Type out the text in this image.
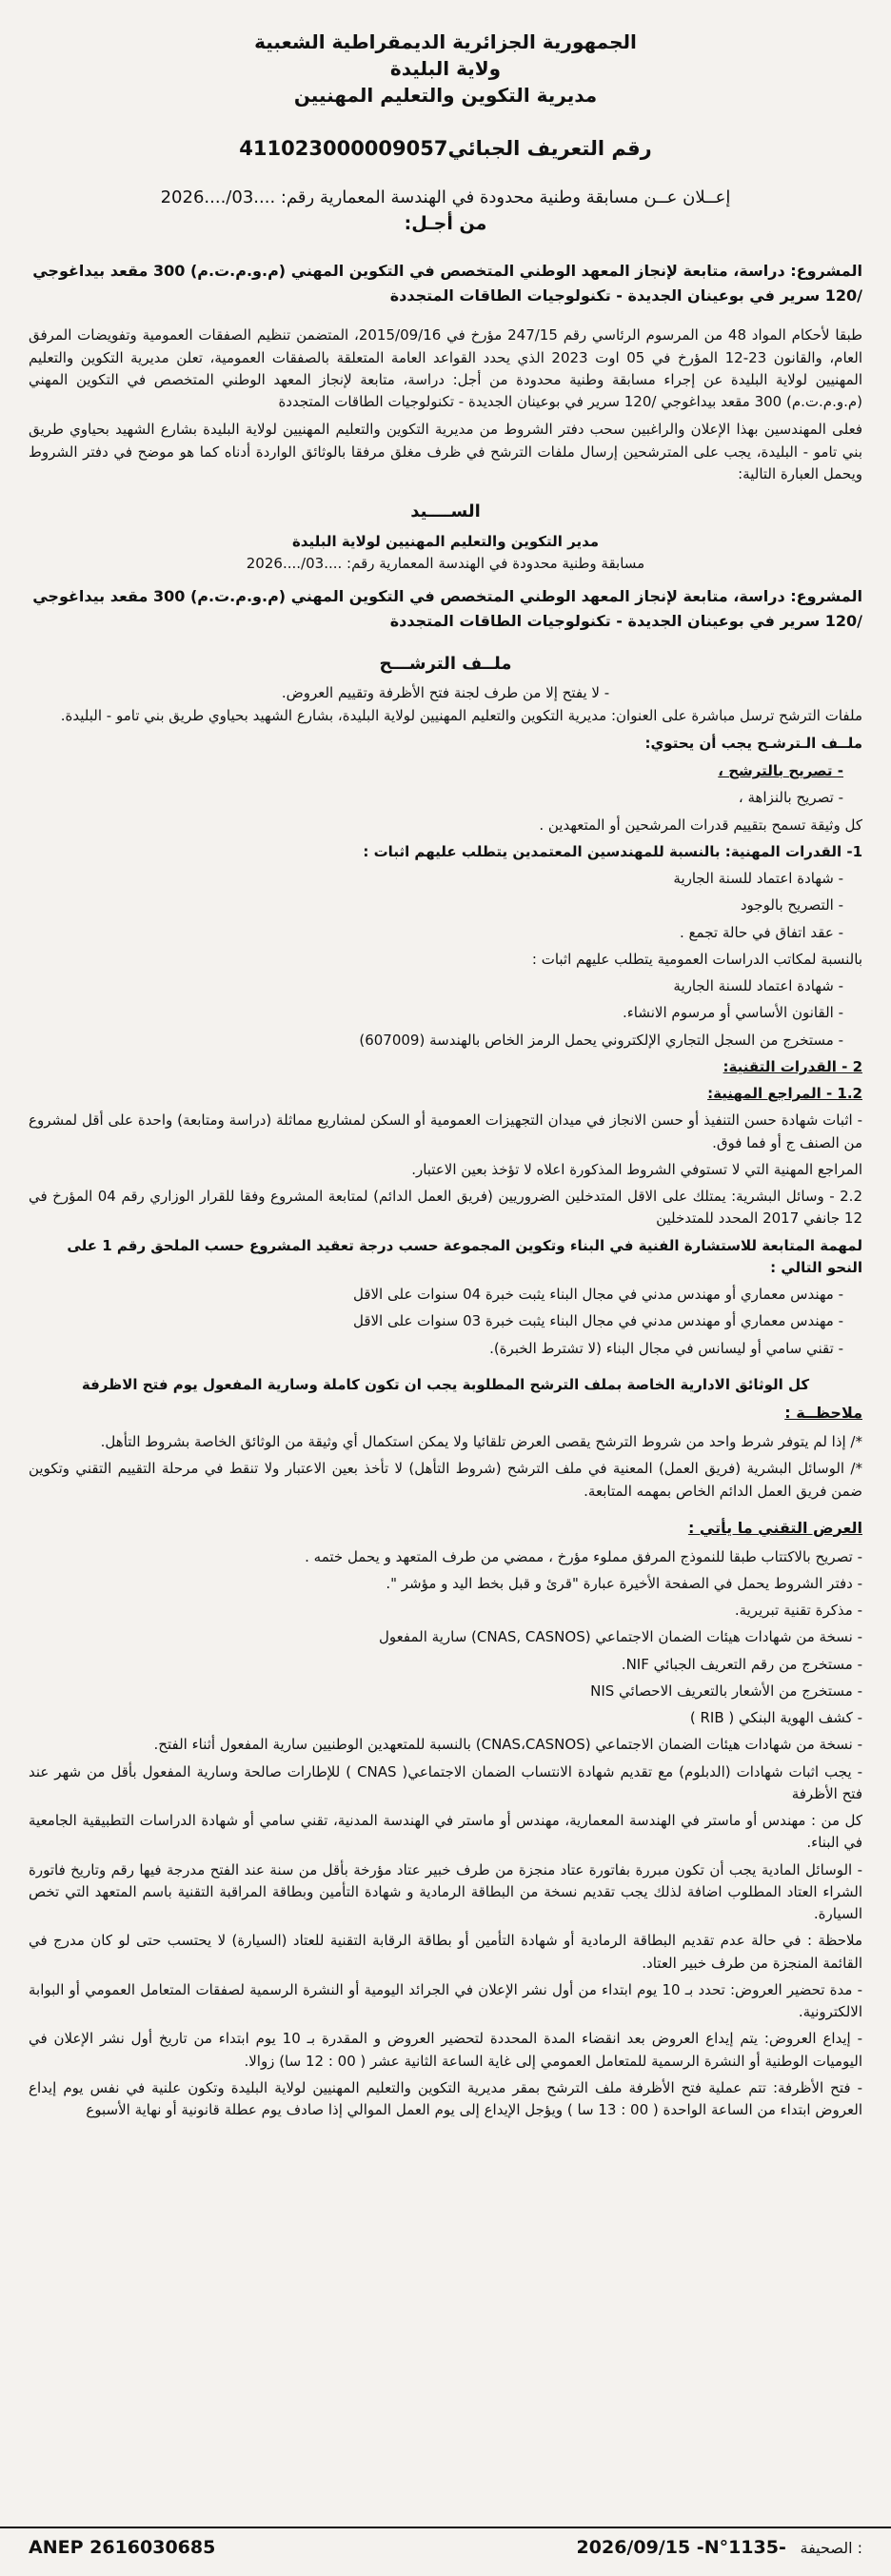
الجمهورية الجزائرية الديمقراطية الشعبية
ولاية البليدة
مديرية التكوين والتعليم المهنيين
رقم التعريف الجبائي411023000009057
إعــلان عــن مسابقة وطنية محدودة في الهندسة المعمارية رقم: ....03/....2026
من أجـل:
المشروع: دراسة، متابعة لإنجاز المعهد الوطني المتخصص في التكوين المهني (م.و.م.ت.م) 300 مقعد بيداغوجي /120 سرير في بوعينان الجديدة - تكنولوجيات الطاقات المتجددة

طبقا لأحكام المواد 48 من المرسوم الرئاسي رقم 247/15 مؤرخ في 2015/09/16، المتضمن تنظيم الصفقات العمومية وتفويضات المرفق العام، والقانون 23-12 المؤرخ في 05 اوت 2023 الذي يحدد القواعد العامة المتعلقة بالصفقات العمومية، تعلن مديرية التكوين والتعليم المهنيين لولاية البليدة عن إجراء مسابقة وطنية محدودة من أجل: دراسة، متابعة لإنجاز المعهد الوطني المتخصص في التكوين المهني (م.و.م.ت.م) 300 مقعد بيداغوجي /120 سرير في بوعينان الجديدة - تكنولوجيات الطاقات المتجددة

فعلى المهندسين بهذا الإعلان والراغبين سحب دفتر الشروط من مديرية التكوين والتعليم المهنيين لولاية البليدة بشارع الشهيد بحياوي طريق بني تامو - البليدة، يجب على المترشحين إرسال ملفات الترشح في ظرف مغلق مرفقا بالوثائق الواردة أدناه كما هو موضح في دفتر الشروط ويحمل العبارة التالية:

الســــيد
مدير التكوين والتعليم المهنيين لولاية البليدة
مسابقة وطنية محدودة في الهندسة المعمارية رقم: ....03/....2026
المشروع: دراسة، متابعة لإنجاز المعهد الوطني المتخصص في التكوين المهني (م.و.م.ت.م) 300 مقعد بيداغوجي /120 سرير في بوعينان الجديدة - تكنولوجيات الطاقات المتجددة
ملــف الترشـــح
- لا يفتح إلا من طرف لجنة فتح الأظرفة وتقييم العروض.

ملفات الترشح ترسل مباشرة على العنوان: مديرية التكوين والتعليم المهنيين لولاية البليدة، بشارع الشهيد بحياوي طريق بني تامو - البليدة.

ملــف الـترشـح يجب أن يحتوي:

- تصريح بالترشح ،

- تصريح بالنزاهة ،

كل وثيقة تسمح بتقييم قدرات المرشحين أو المتعهدين .

1- القدرات المهنية: بالنسبة للمهندسين المعتمدين يتطلب عليهم اثبات :

- شهادة اعتماد للسنة الجارية

- التصريح بالوجود

- عقد اتفاق في حالة تجمع .

بالنسبة لمكاتب الدراسات العمومية يتطلب عليهم اثبات :

- شهادة اعتماد للسنة الجارية

- القانون الأساسي أو مرسوم الانشاء.

- مستخرج من السجل التجاري الإلكتروني يحمل الرمز الخاص بالهندسة (607009)

2 - القدرات التقنية:

1.2 - المراجع المهنية:

- اثبات شهادة حسن التنفيذ أو حسن الانجاز في ميدان التجهيزات العمومية أو السكن لمشاريع مماثلة (دراسة ومتابعة) واحدة على أقل لمشروع من الصنف ج أو فما فوق.

المراجع المهنية التي لا تستوفي الشروط المذكورة اعلاه لا تؤخذ بعين الاعتبار.

2.2 - وسائل البشرية: يمتلك على الاقل المتدخلين الضروريين (فريق العمل الدائم) لمتابعة المشروع وفقا للقرار الوزاري رقم 04 المؤرخ في 12 جانفي 2017 المحدد للمتدخلين

لمهمة المتابعة للاستشارة الفنية في البناء وتكوين المجموعة حسب درجة تعقيد المشروع حسب الملحق رقم 1 على النحو التالي :

- مهندس معماري أو مهندس مدني في مجال البناء يثبت خبرة 04 سنوات على الاقل

- مهندس معماري أو مهندس مدني في مجال البناء يثبت خبرة 03 سنوات على الاقل

- تقني سامي أو ليسانس في مجال البناء (لا تشترط الخبرة).

كل الوثائق الادارية الخاصة بملف الترشح المطلوبة يجب ان تكون كاملة وسارية المفعول يوم فتح الاظرفة

ملاحظــة :

*/ إذا لم يتوفر شرط واحد من شروط الترشح يقصى العرض تلقائيا ولا يمكن استكمال أي وثيقة من الوثائق الخاصة بشروط التأهل.

*/ الوسائل البشرية (فريق العمل) المعنية في ملف الترشح (شروط التأهل) لا تأخذ بعين الاعتبار ولا تنقط في مرحلة التقييم التقني وتكوين ضمن فريق العمل الدائم الخاص بمهمه المتابعة.

العرض التقني ما يأتي :

- تصريح بالاكتتاب طبقا للنموذج المرفق مملوء مؤرخ ، ممضي من طرف المتعهد و يحمل ختمه .

- دفتر الشروط يحمل في الصفحة الأخيرة عبارة "قرئ و قبل بخط اليد و مؤشر ".

- مذكرة تقنية تبريرية.

- نسخة من شهادات هيئات الضمان الاجتماعي (CNAS, CASNOS) سارية المفعول

- مستخرج من رقم التعريف الجبائي NIF.

- مستخرج من الأشعار بالتعريف الاحصائي NIS

- كشف الهوية البنكي ( RIB )

- نسخة من شهادات هيئات الضمان الاجتماعي (CNAS،CASNOS) بالنسبة للمتعهدين الوطنيين سارية المفعول أثناء الفتح.

- يجب اثبات شهادات (الدبلوم) مع تقديم شهادة الانتساب الضمان الاجتماعي( CNAS ) للإطارات صالحة وسارية المفعول بأقل من شهر عند فتح الأظرفة

كل من : مهندس أو ماستر في الهندسة المعمارية، مهندس أو ماستر في الهندسة المدنية، تقني سامي أو شهادة الدراسات التطبيقية الجامعية في البناء.

- الوسائل المادية يجب أن تكون مبررة بفاتورة عتاد منجزة من طرف خبير عتاد مؤرخة بأقل من سنة عند الفتح مدرجة فيها رقم وتاريخ فاتورة الشراء العتاد المطلوب اضافة لذلك يجب تقديم نسخة من البطاقة الرمادية و شهادة التأمين وبطاقة المراقبة التقنية باسم المتعهد التي تخص السيارة.

ملاحظة : في حالة عدم تقديم البطاقة الرمادية أو شهادة التأمين أو بطاقة الرقابة التقنية للعتاد (السيارة) لا يحتسب حتى لو كان مدرج في القائمة المنجزة من طرف خبير العتاد.

- مدة تحضير العروض: تحدد بـ 10 يوم ابتداء من أول نشر الإعلان في الجرائد اليومية أو النشرة الرسمية لصفقات المتعامل العمومي أو البوابة الالكترونية.

- إيداع العروض: يتم إيداع العروض بعد انقضاء المدة المحددة لتحضير العروض و المقدرة بـ 10 يوم ابتداء من تاريخ أول نشر الإعلان في اليوميات الوطنية أو النشرة الرسمية للمتعامل العمومي إلى غاية الساعة الثانية عشر ( 00 : 12 سا) زوالا.

- فتح الأظرفة: تتم عملية فتح الأظرفة ملف الترشح بمقر مديرية التكوين والتعليم المهنيين لولاية البليدة وتكون علنية في نفس يوم إيداع العروض ابتداء من الساعة الواحدة ( 00 : 13 سا ) ويؤجل الإيداع إلى يوم العمل الموالي إذا صادف يوم عطلة قانونية أو نهاية الأسبوع

ANEP 2616030685	2026/09/15 -N°1135- الصحيفة :
